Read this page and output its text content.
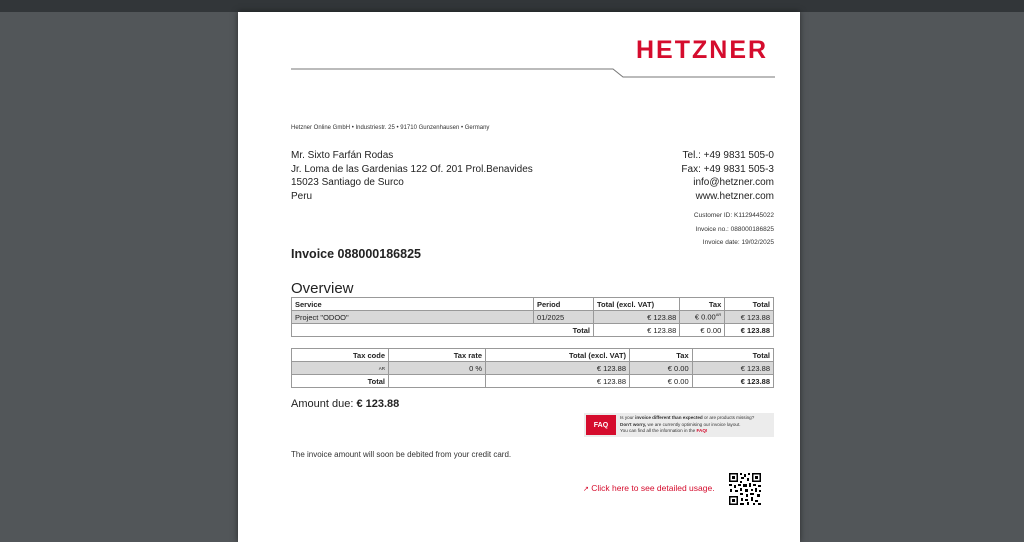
HETZNER
Hetzner Online GmbH • Industriestr. 25 • 91710 Gunzenhausen • Germany
Mr. Sixto Farfán Rodas
Jr. Loma de las Gardenias 122 Of. 201 Prol.Benavides
15023 Santiago de Surco
Peru
Tel.: +49 9831 505-0
Fax: +49 9831 505-3
info@hetzner.com
www.hetzner.com
Customer ID: K1129445022
Invoice no.: 088000186825
Invoice date: 19/02/2025
Invoice 088000186825
Overview
Service	Period	Total (excl. VAT)	Tax	Total
Project "ODOO"	01/2025	€ 123.88	€ $0.00^{AR}$	€ 123.88
Total		€ 123.88	€ 0.00	€ 123.88
Tax code	Tax rate	Total (excl. VAT)	Tax	Total
AR	0 %	€ 123.88	€ 0.00	€ 123.88
Total		€ 123.88	€ 0.00	€ 123.88
Amount due: € 123.88
FAQ
Is your invoice different than expected or are products missing?
Don't worry, we are currently optimising our invoice layout.
You can find all the information in the FAQ!
The invoice amount will soon be debited from your credit card.
↗ Click here to see detailed usage.
